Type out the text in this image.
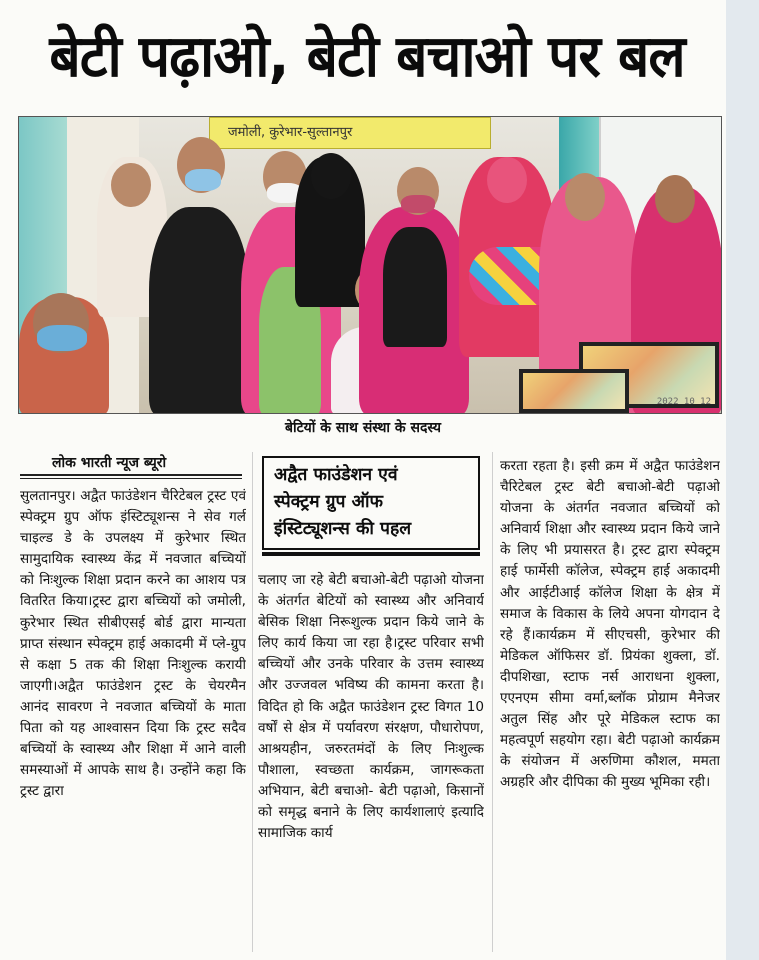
बेटी पढ़ाओ, बेटी बचाओ पर बल
जमोली, कुरेभार-सुल्तानपुर
2022 10 12
बेटियों के साथ संस्था के सदस्य
लोक भारती न्यूज ब्यूरो

सुलतानपुर। अद्वैत फाउंडेशन चैरिटेबल ट्रस्ट एवं स्पेक्ट्रम ग्रुप ऑफ इंस्टिट्यूशन्स ने सेव गर्ल चाइल्ड डे के उपलक्ष्य में कुरेभार स्थित सामुदायिक स्वास्थ्य केंद्र में नवजात बच्चियों को निःशुल्क शिक्षा प्रदान करने का आशय पत्र वितरित किया।ट्रस्ट द्वारा बच्चियों को जमोली, कुरेभार स्थित सीबीएसई बोर्ड द्वारा मान्यता प्राप्त संस्थान स्पेक्ट्रम हाई अकादमी में प्ले-ग्रुप से कक्षा 5 तक की शिक्षा निःशुल्क करायी जाएगी।अद्वैत फाउंडेशन ट्रस्ट के चेयरमैन आनंद सावरण ने नवजात बच्चियों के माता पिता को यह आश्वासन दिया कि ट्रस्ट सदैव बच्चियों के स्वास्थ्य और शिक्षा में आने वाली समस्याओं में आपके साथ है। उन्होंने कहा कि ट्रस्ट द्वारा

अद्वैत फाउंडेशन एवं
स्पेक्ट्रम ग्रुप ऑफ
इंस्टिट्यूशन्स की पहल

चलाए जा रहे बेटी बचाओ-बेटी पढ़ाओ योजना के अंतर्गत बेटियों को स्वास्थ्य और अनिवार्य बेसिक शिक्षा निरूशुल्क प्रदान किये जाने के लिए कार्य किया जा रहा है।ट्रस्ट परिवार सभी बच्चियों और उनके परिवार के उत्तम स्वास्थ्य और उज्जवल भविष्य की कामना करता है।विदित हो कि अद्वैत फाउंडेशन ट्रस्ट विगत 10 वर्षों से क्षेत्र में पर्यावरण संरक्षण, पौधारोपण, आश्रयहीन, जरुरतमंदों के लिए निःशुल्क पौशाला, स्वच्छता कार्यक्रम, जागरूकता अभियान, बेटी बचाओ- बेटी पढ़ाओ, किसानों को समृद्ध बनाने के लिए कार्यशालाएं इत्यादि सामाजिक कार्य

करता रहता है। इसी क्रम में अद्वैत फाउंडेशन चैरिटेबल ट्रस्ट बेटी बचाओ-बेटी पढ़ाओ योजना के अंतर्गत नवजात बच्चियों को अनिवार्य शिक्षा और स्वास्थ्य प्रदान किये जाने के लिए भी प्रयासरत है। ट्रस्ट द्वारा स्पेक्ट्रम हाई फार्मेसी कॉलेज, स्पेक्ट्रम हाई अकादमी और आईटीआई कॉलेज शिक्षा के क्षेत्र में समाज के विकास के लिये अपना योगदान दे रहे हैं।कार्यक्रम में सीएचसी, कुरेभार की मेडिकल ऑफिसर डॉ. प्रियंका शुक्ला, डॉ. दीपशिखा, स्टाफ नर्स आराधना शुक्ला, एएनएम सीमा वर्मा,ब्लॉक प्रोग्राम मैनेजर अतुल सिंह और पूरे मेडिकल स्टाफ का महत्वपूर्ण सहयोग रहा। बेटी पढ़ाओ कार्यक्रम के संयोजन में अरुणिमा कौशल, ममता अग्रहरि और दीपिका की मुख्य भूमिका रही।
